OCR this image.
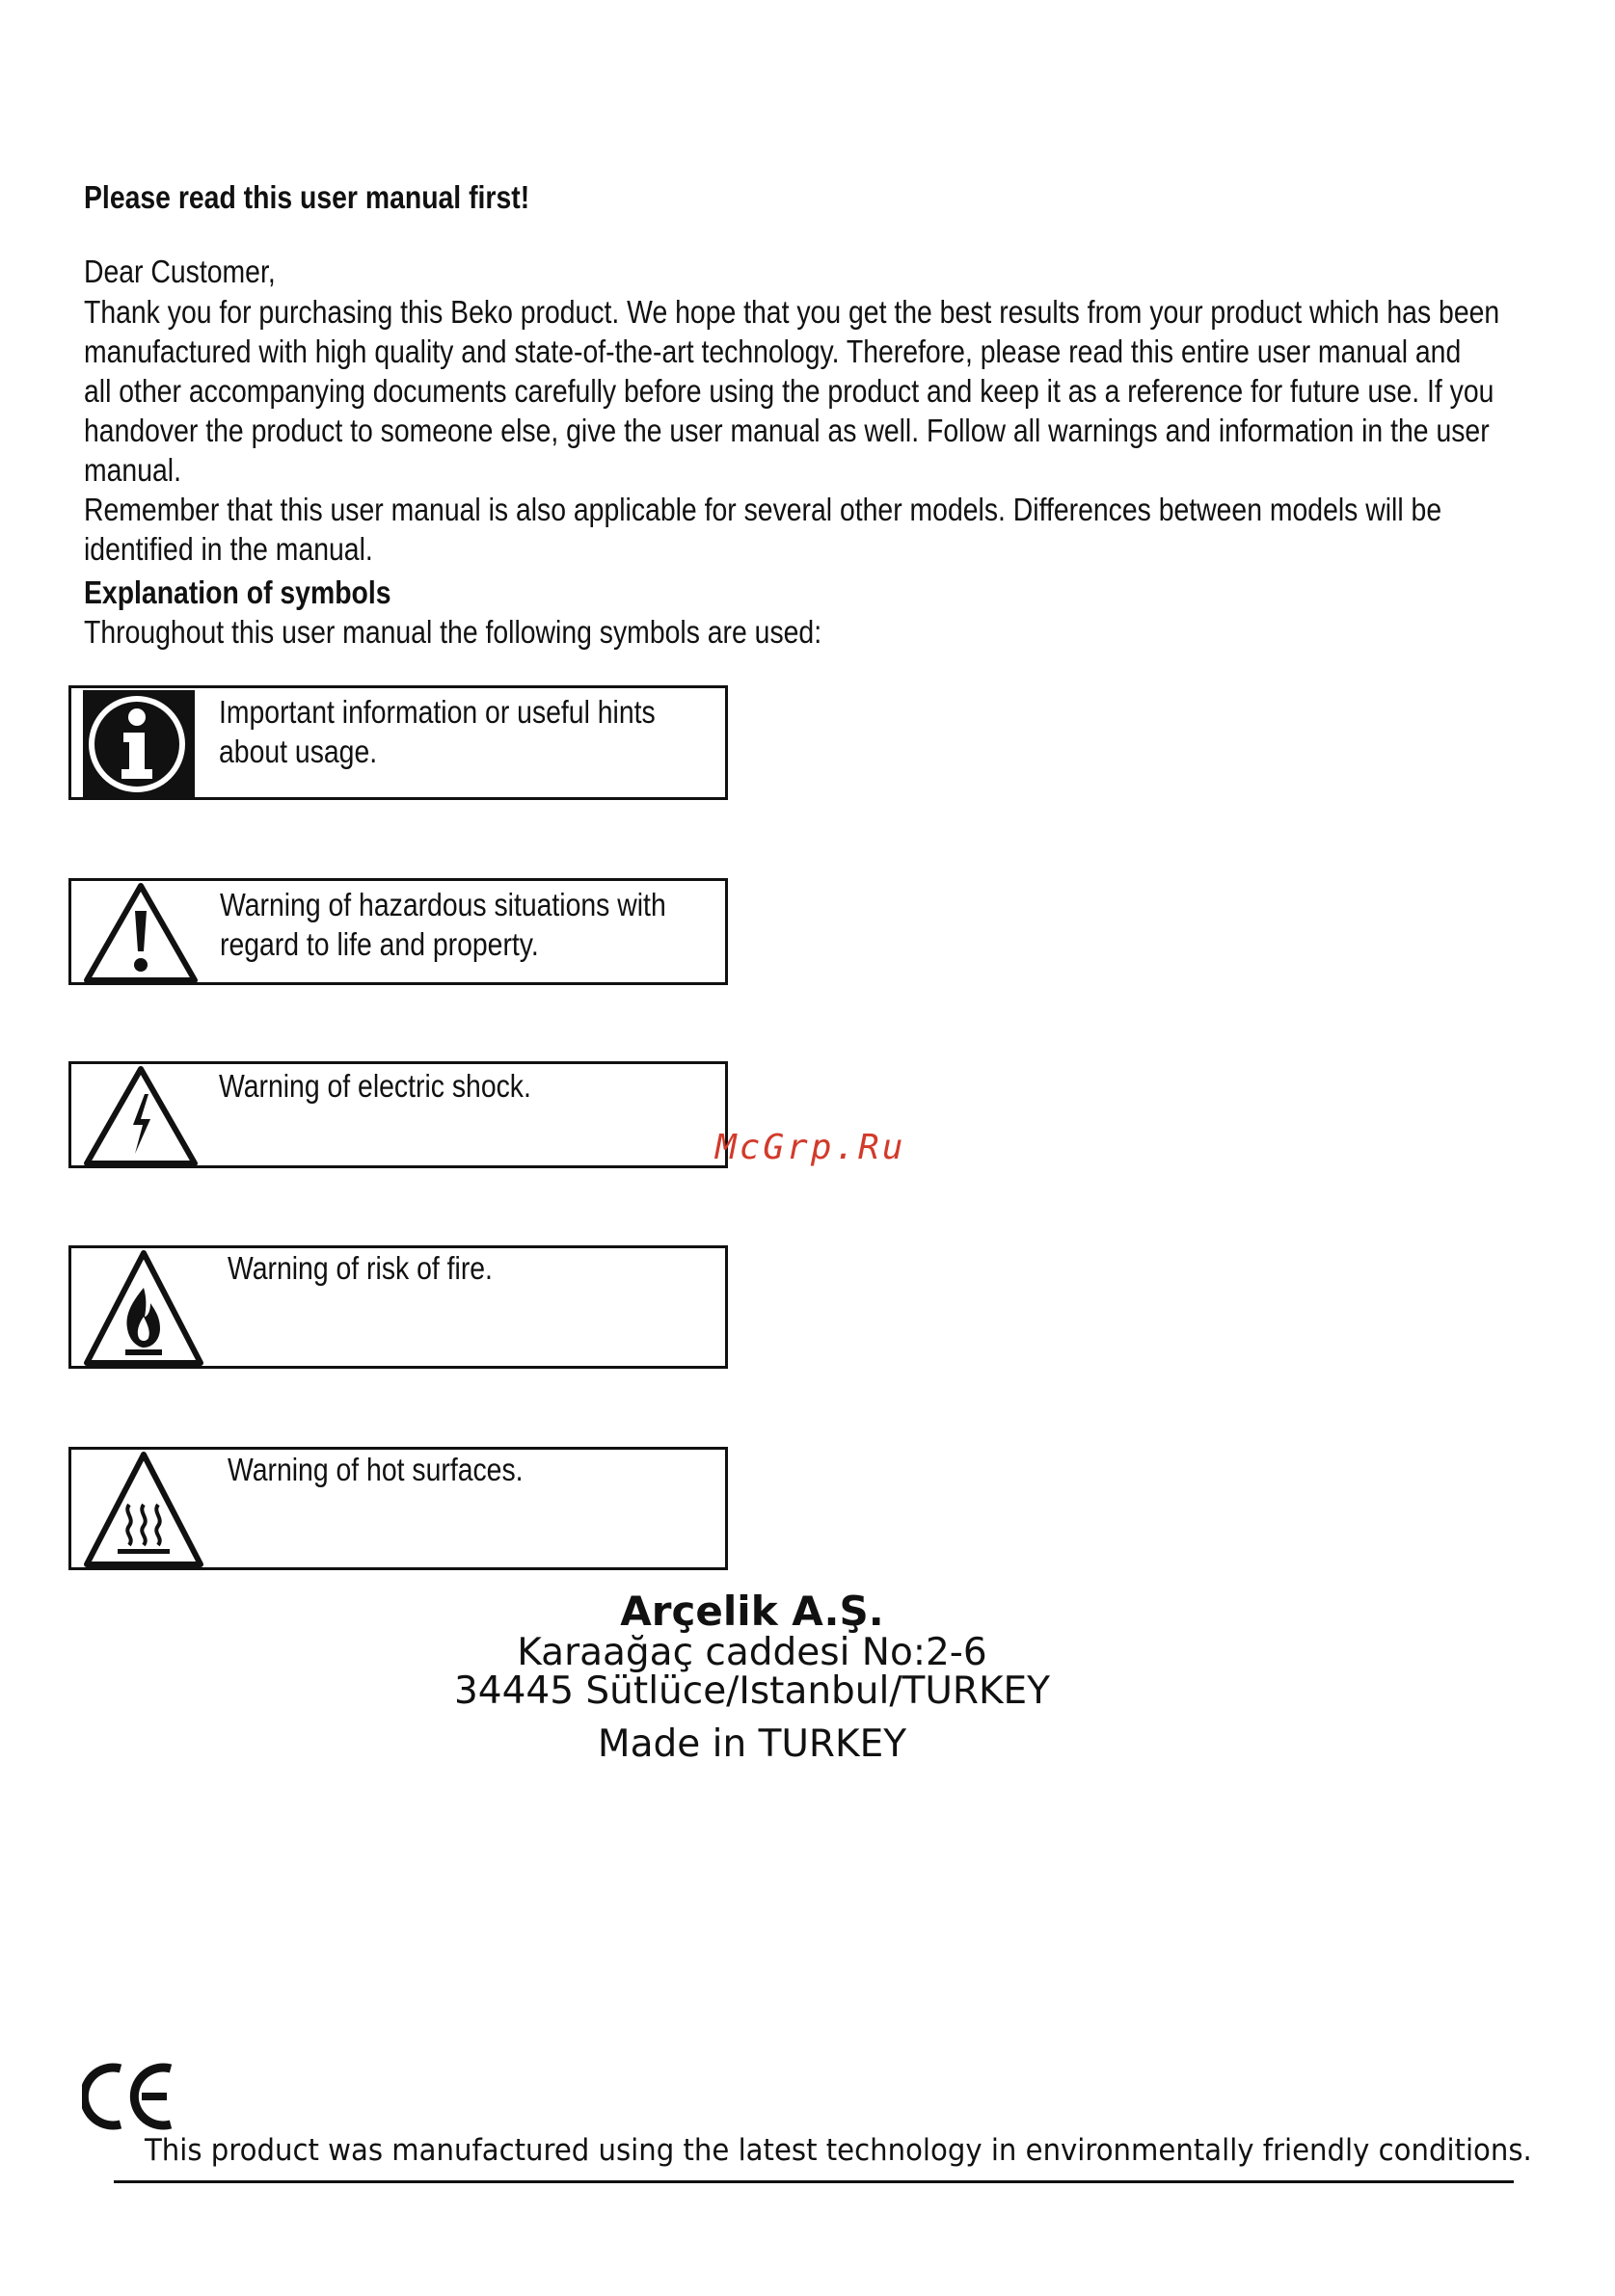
Please read this user manual first!
Dear Customer,
Thank you for purchasing this Beko product. We hope that you get the best results from your product which has been
manufactured with high quality and state-of-the-art technology. Therefore, please read this entire user manual and
all other accompanying documents carefully before using the product and keep it as a reference for future use. If you
handover the product to someone else, give the user manual as well. Follow all warnings and information in the user
manual.
Remember that this user manual is also applicable for several other models. Differences between models will be
identified in the manual.
Explanation of symbols
Throughout this user manual the following symbols are used:
Important information or useful hints
about usage.
Warning of hazardous situations with
regard to life and property.
Warning of electric shock.
McGrp.Ru
Warning of risk of fire.
Warning of hot surfaces.
Arçelik A.Ş.
Karaağaç caddesi No:2-6
34445 Sütlüce/Istanbul/TURKEY
Made in TURKEY
This product was manufactured using the latest technology in environmentally friendly conditions.
